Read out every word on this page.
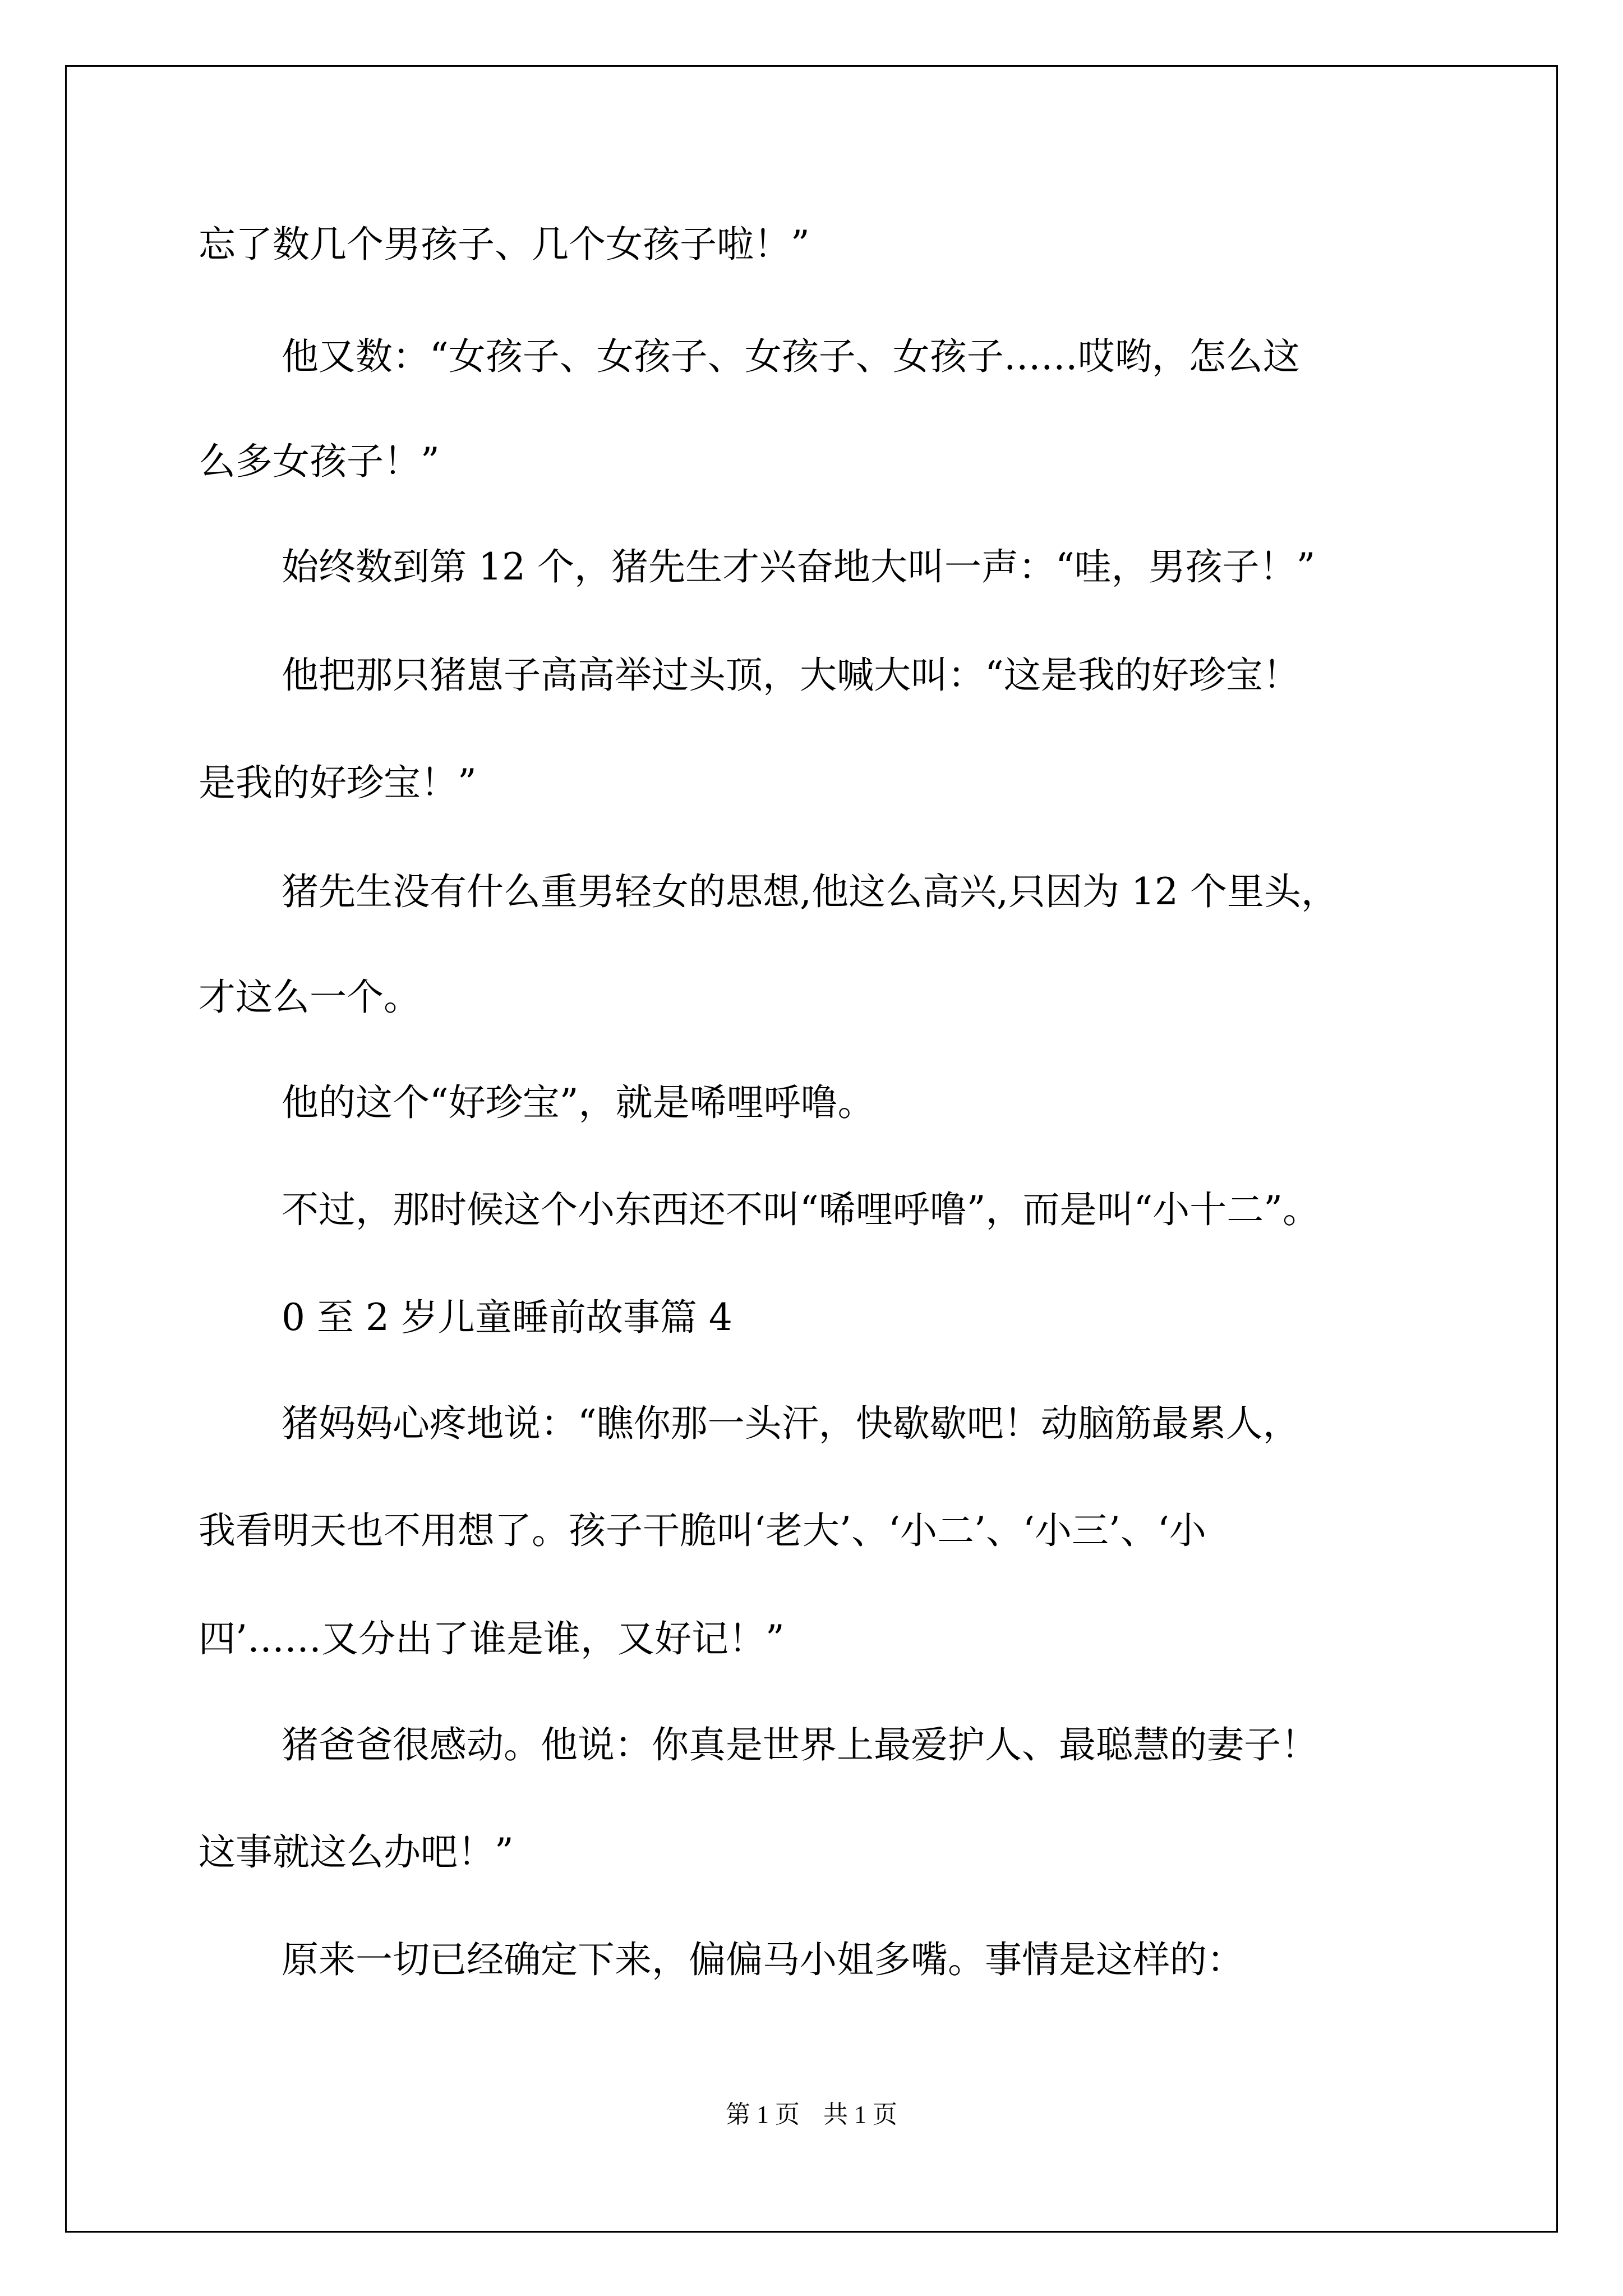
忘了数几个男孩子、几个女孩子啦！”

他又数：“女孩子、女孩子、女孩子、女孩子……哎哟，怎么这

么多女孩子！”

始终数到第 12 个，猪先生才兴奋地大叫一声：“哇，男孩子！”

他把那只猪崽子高高举过头顶，大喊大叫：“这是我的好珍宝！

是我的好珍宝！”

猪先生没有什么重男轻女的思想,他这么高兴,只因为 12 个里头，

才这么一个。

他的这个“好珍宝”，就是唏哩呼噜。

不过，那时候这个小东西还不叫“唏哩呼噜”，而是叫“小十二”。

0 至 2 岁儿童睡前故事篇 4

猪妈妈心疼地说：“瞧你那一头汗，快歇歇吧！动脑筋最累人，

我看明天也不用想了。孩子干脆叫‘老大’、‘小二’、‘小三’、‘小

四’……又分出了谁是谁，又好记！”

猪爸爸很感动。他说：你真是世界上最爱护人、最聪慧的妻子！

这事就这么办吧！”

原来一切已经确定下来，偏偏马小姐多嘴。事情是这样的：

第 1 页 共 1 页
